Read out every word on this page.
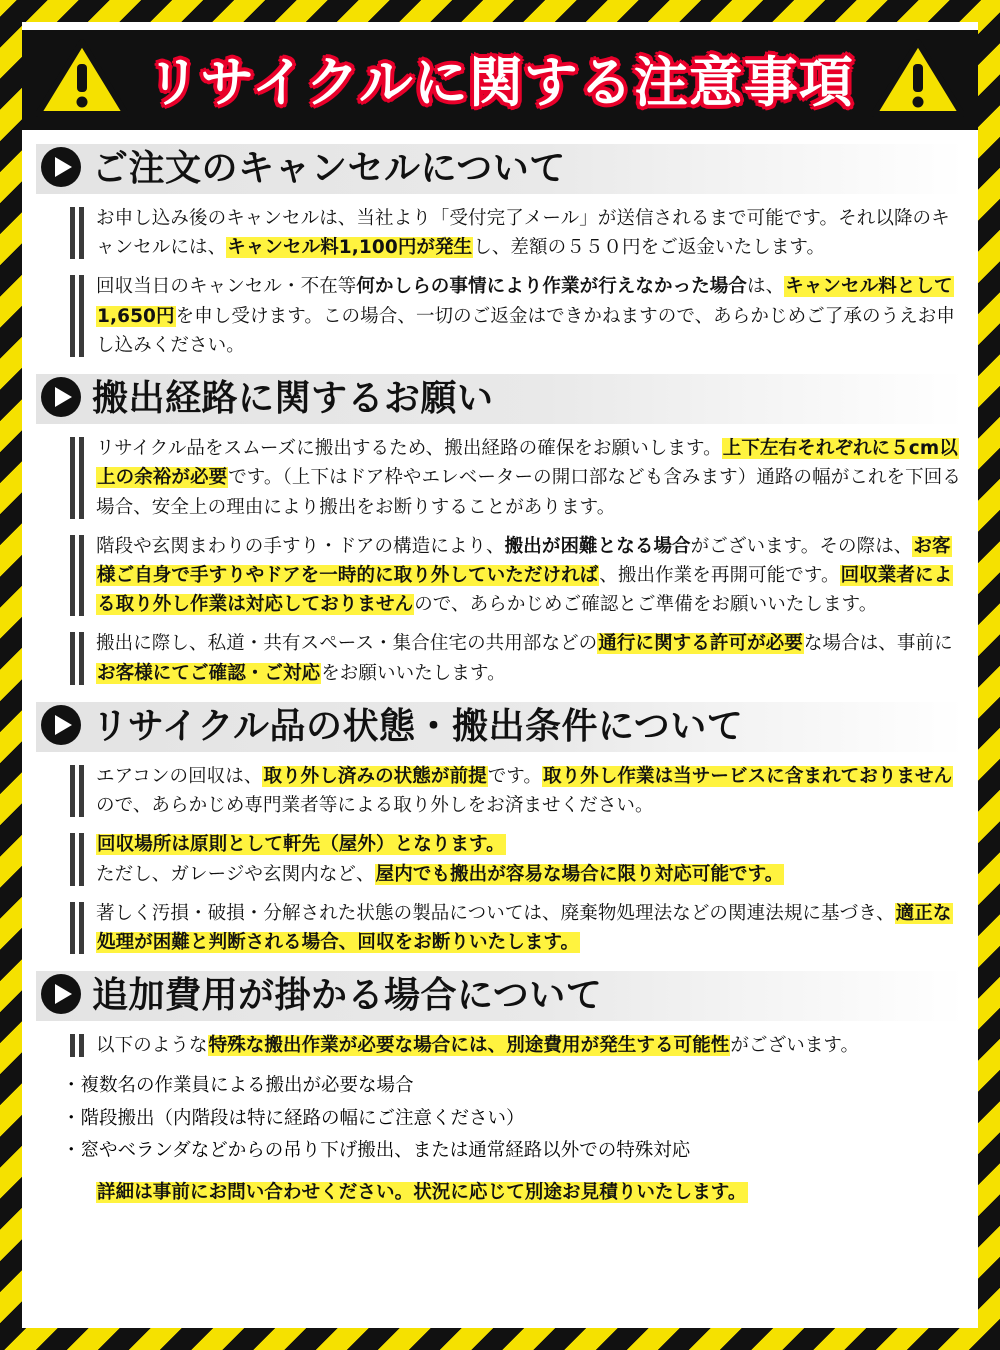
リサイクルに関する注意事項
ご注文のキャンセルについて
お申し込み後のキャンセルは、当社より「受付完了メール」が送信されるまで可能です。それ以降のキャンセルには、キャンセル料1,100円が発生し、差額の５５０円をご返金いたします。
回収当日のキャンセル・不在等何かしらの事情により作業が行えなかった場合は、キャンセル料として1,650円を申し受けます。この場合、一切のご返金はできかねますので、あらかじめご了承のうえお申し込みください。
搬出経路に関するお願い
リサイクル品をスムーズに搬出するため、搬出経路の確保をお願いします。上下左右それぞれに５cm以上の余裕が必要です。（上下はドア枠やエレベーターの開口部なども含みます）通路の幅がこれを下回る場合、安全上の理由により搬出をお断りすることがあります。
階段や玄関まわりの手すり・ドアの構造により、搬出が困難となる場合がございます。その際は、お客様ご自身で手すりやドアを一時的に取り外していただければ、搬出作業を再開可能です。回収業者による取り外し作業は対応しておりませんので、あらかじめご確認とご準備をお願いいたします。
搬出に際し、私道・共有スペース・集合住宅の共用部などの通行に関する許可が必要な場合は、事前にお客様にてご確認・ご対応をお願いいたします。
リサイクル品の状態・搬出条件について
エアコンの回収は、取り外し済みの状態が前提です。取り外し作業は当サービスに含まれておりませんので、あらかじめ専門業者等による取り外しをお済ませください。
回収場所は原則として軒先（屋外）となります。
ただし、ガレージや玄関内など、屋内でも搬出が容易な場合に限り対応可能です。
著しく汚損・破損・分解された状態の製品については、廃棄物処理法などの関連法規に基づき、適正な処理が困難と判断される場合、回収をお断りいたします。
追加費用が掛かる場合について
以下のような特殊な搬出作業が必要な場合には、別途費用が発生する可能性がございます。
・ 複数名の作業員による搬出が必要な場合
・ 階段搬出（内階段は特に経路の幅にご注意ください）
・ 窓やベランダなどからの吊り下げ搬出、または通常経路以外での特殊対応
詳細は事前にお問い合わせください。状況に応じて別途お見積りいたします。
